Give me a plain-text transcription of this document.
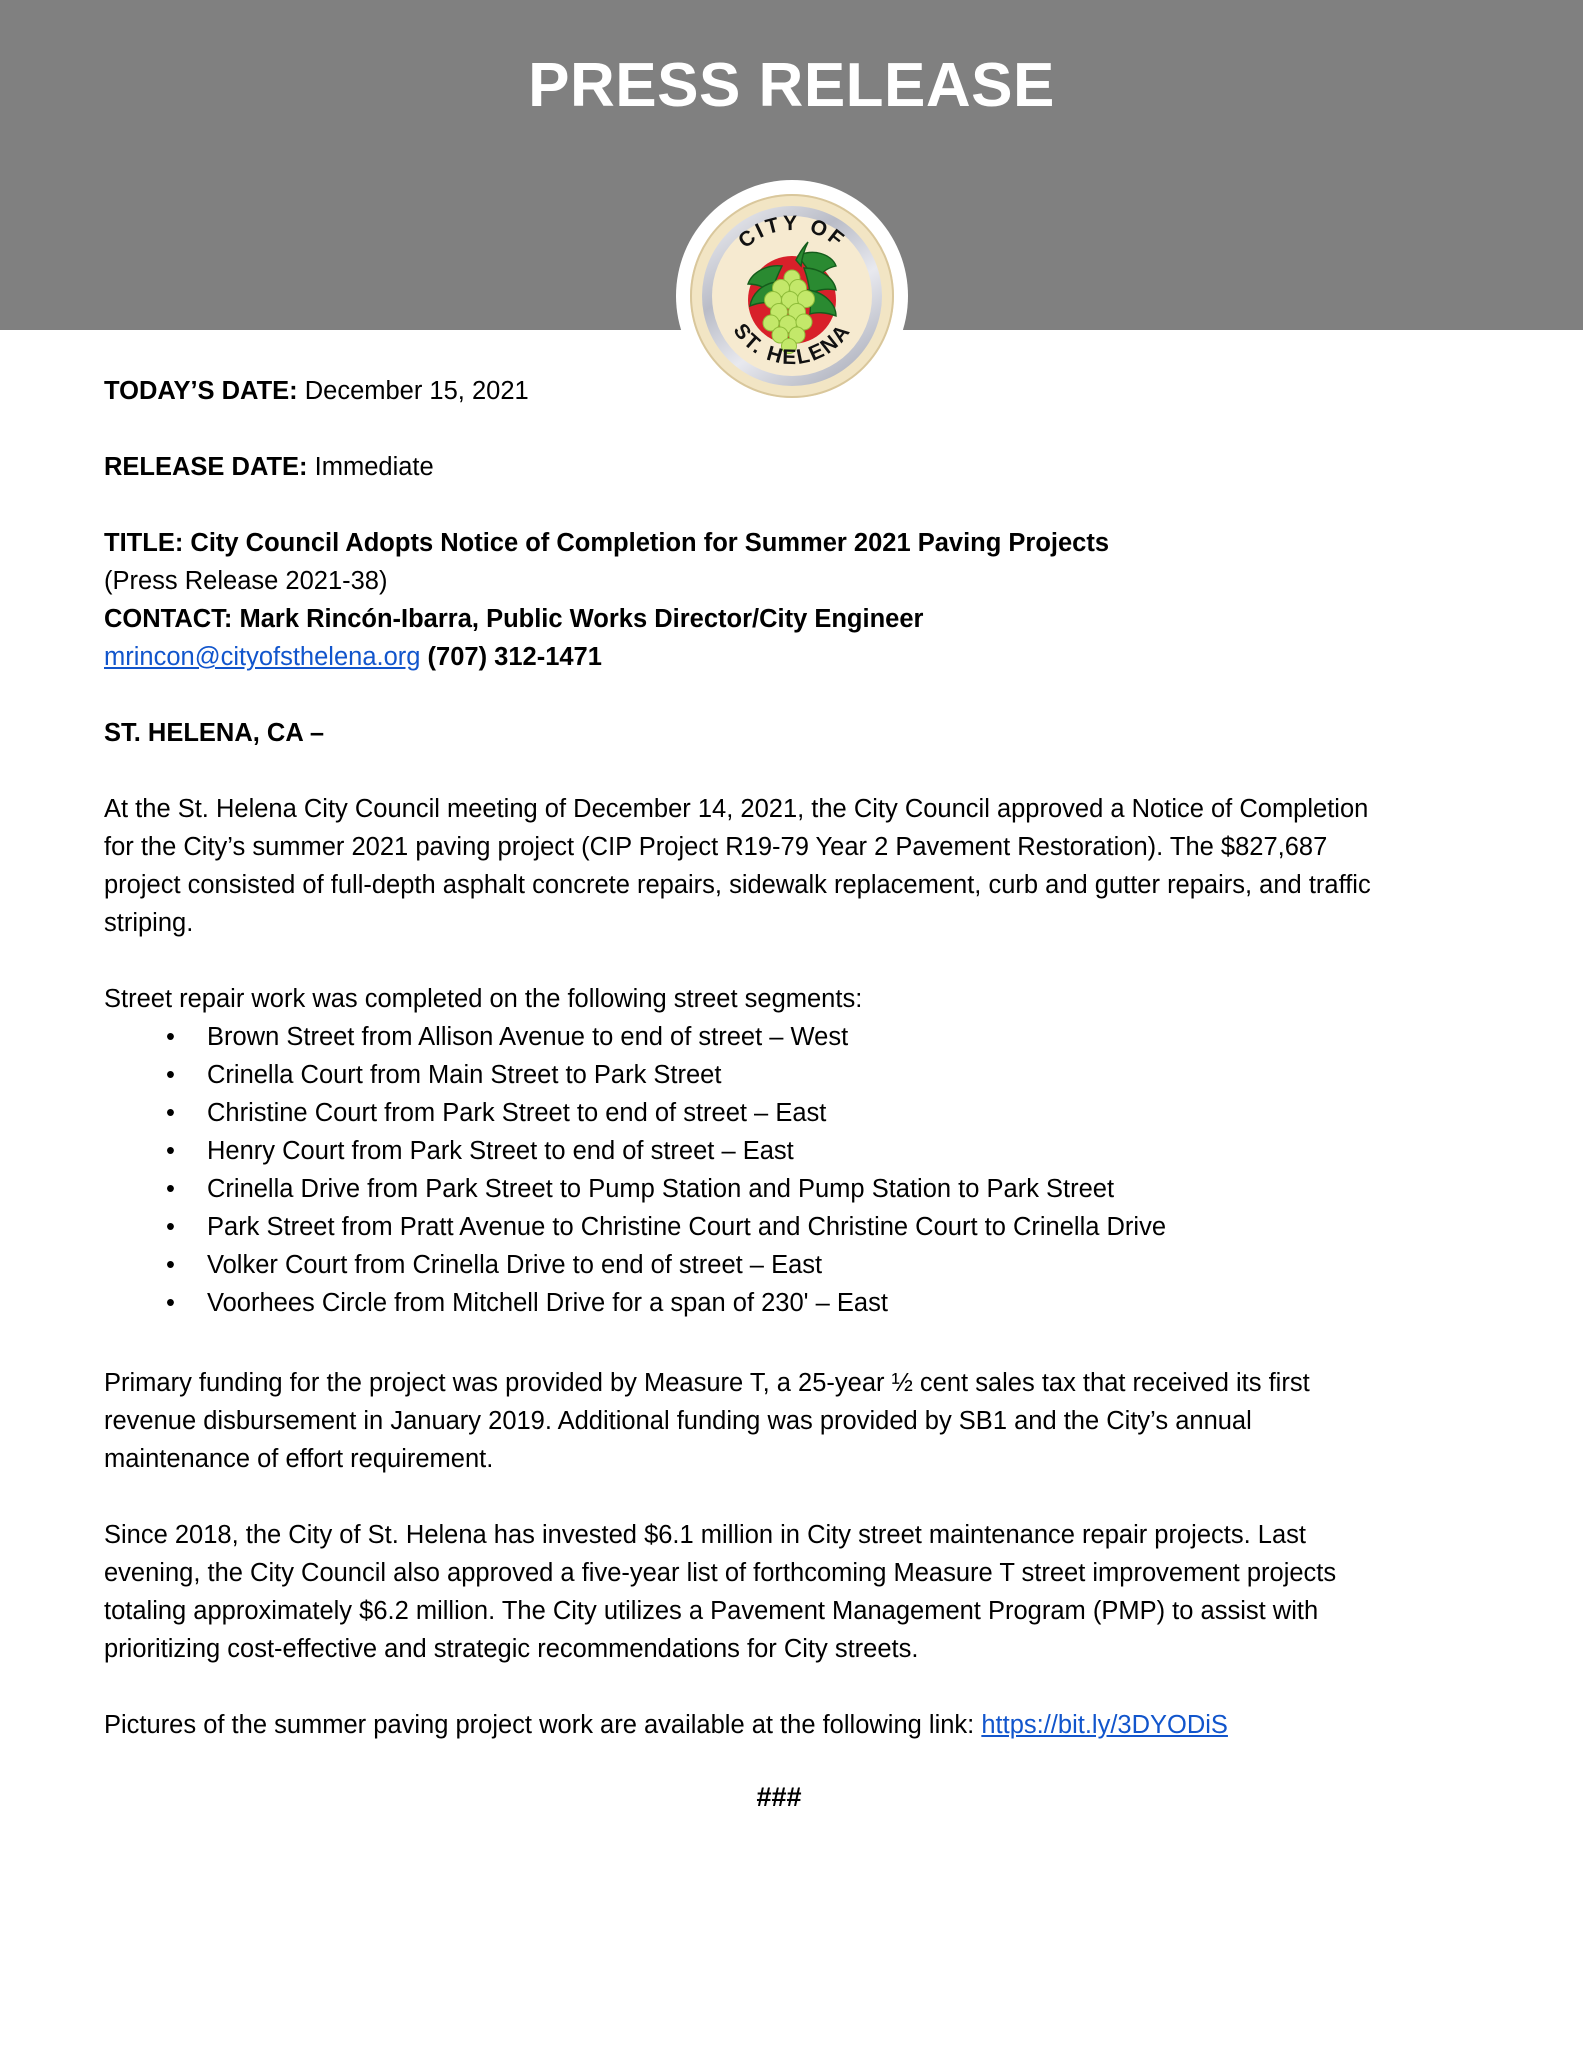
PRESS RELEASE
CITY OF
ST. HELENA
TODAY’S DATE: December 15, 2021
RELEASE DATE: Immediate
TITLE: City Council Adopts Notice of Completion for Summer 2021 Paving Projects
(Press Release 2021-38)
CONTACT: Mark Rincón-Ibarra, Public Works Director/City Engineer
mrincon@cityofsthelena.org (707) 312-1471
ST. HELENA, CA –
At the St. Helena City Council meeting of December 14, 2021, the City Council approved a Notice of Completion for the City’s summer 2021 paving project (CIP Project R19-79 Year 2 Pavement Restoration). The $827,687 project consisted of full-depth asphalt concrete repairs, sidewalk replacement, curb and gutter repairs, and traffic striping.
Street repair work was completed on the following street segments:
• Brown Street from Allison Avenue to end of street – West
• Crinella Court from Main Street to Park Street
• Christine Court from Park Street to end of street – East
• Henry Court from Park Street to end of street – East
• Crinella Drive from Park Street to Pump Station and Pump Station to Park Street
• Park Street from Pratt Avenue to Christine Court and Christine Court to Crinella Drive
• Volker Court from Crinella Drive to end of street – East
• Voorhees Circle from Mitchell Drive for a span of 230' – East
Primary funding for the project was provided by Measure T, a 25-year ½ cent sales tax that received its first revenue disbursement in January 2019. Additional funding was provided by SB1 and the City’s annual maintenance of effort requirement.
Since 2018, the City of St. Helena has invested $6.1 million in City street maintenance repair projects. Last evening, the City Council also approved a five-year list of forthcoming Measure T street improvement projects totaling approximately $6.2 million. The City utilizes a Pavement Management Program (PMP) to assist with prioritizing cost-effective and strategic recommendations for City streets.
Pictures of the summer paving project work are available at the following link: https://bit.ly/3DYODiS
###
